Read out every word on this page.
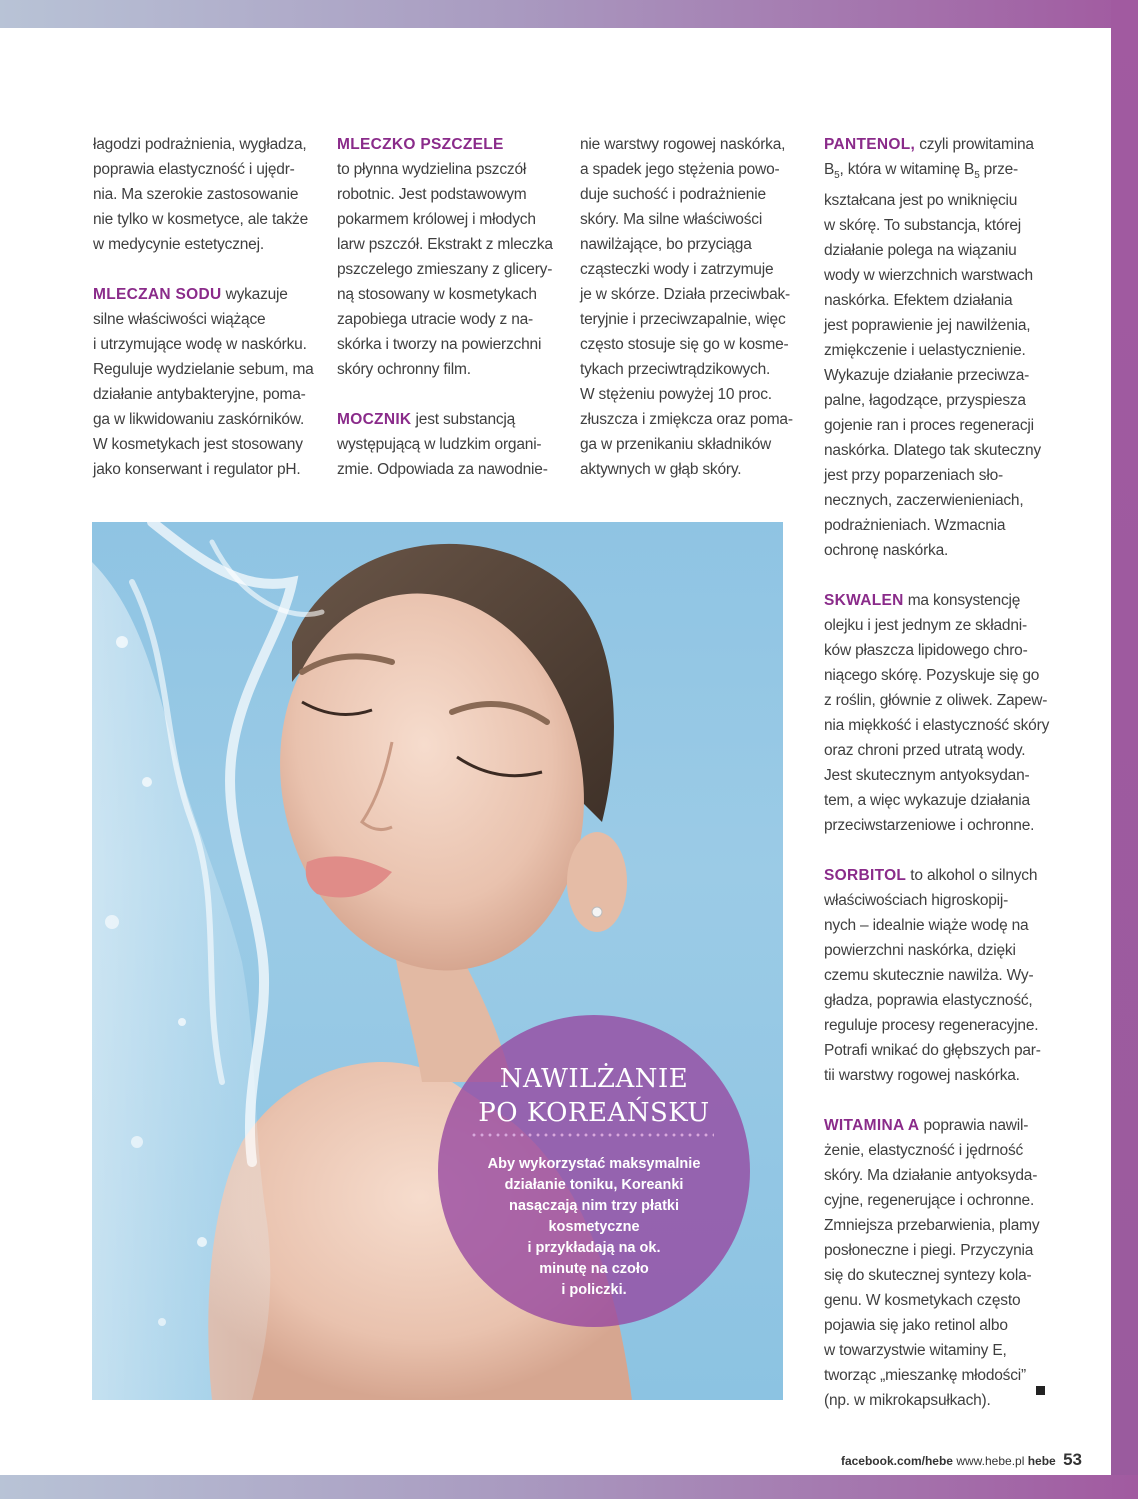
łagodzi podrażnienia, wygładza,
poprawia elastyczność i ujędr-
nia. Ma szerokie zastosowanie
nie tylko w kosmetyce, ale także
w medycynie estetycznej.

MLECZAN SODU wykazuje
silne właściwości wiążące
i utrzymujące wodę w naskórku.
Reguluje wydzielanie sebum, ma
działanie antybakteryjne, poma-
ga w likwidowaniu zaskórników.
W kosmetykach jest stosowany
jako konserwant i regulator pH.

MLECZKO PSZCZELE
to płynna wydzielina pszczół
robotnic. Jest podstawowym
pokarmem królowej i młodych
larw pszczół. Ekstrakt z mleczka
pszczelego zmieszany z glicery-
ną stosowany w kosmetykach
zapobiega utracie wody z na-
skórka i tworzy na powierzchni
skóry ochronny film.

MOCZNIK jest substancją
występującą w ludzkim organi-
zmie. Odpowiada za nawodnie-

nie warstwy rogowej naskórka,
a spadek jego stężenia powo-
duje suchość i podrażnienie
skóry. Ma silne właściwości
nawilżające, bo przyciąga
cząsteczki wody i zatrzymuje
je w skórze. Działa przeciwbak-
teryjnie i przeciwzapalnie, więc
często stosuje się go w kosme-
tykach przeciwtrądzikowych.
W stężeniu powyżej 10 proc.
złuszcza i zmiękcza oraz poma-
ga w przenikaniu składników
aktywnych w głąb skóry.

PANTENOL, czyli prowitamina
$B_5$, która w witaminę $B_5$ prze-
kształcana jest po wniknięciu
w skórę. To substancja, której
działanie polega na wiązaniu
wody w wierzchnich warstwach
naskórka. Efektem działania
jest poprawienie jej nawilżenia,
zmiękczenie i uelastycznienie.
Wykazuje działanie przeciwza-
palne, łagodzące, przyspiesza
gojenie ran i proces regeneracji
naskórka. Dlatego tak skuteczny
jest przy poparzeniach sło-
necznych, zaczerwienieniach,
podrażnieniach. Wzmacnia
ochronę naskórka.

SKWALEN ma konsystencję
olejku i jest jednym ze składni-
ków płaszcza lipidowego chro-
niącego skórę. Pozyskuje się go
z roślin, głównie z oliwek. Zapew-
nia miękkość i elastyczność skóry
oraz chroni przed utratą wody.
Jest skutecznym antyoksydan-
tem, a więc wykazuje działania
przeciwstarzeniowe i ochronne.

SORBITOL to alkohol o silnych
właściwościach higroskopij-
nych – idealnie wiąże wodę na
powierzchni naskórka, dzięki
czemu skutecznie nawilża. Wy-
gładza, poprawia elastyczność,
reguluje procesy regeneracyjne.
Potrafi wnikać do głębszych par-
tii warstwy rogowej naskórka.

WITAMINA A poprawia nawil-
żenie, elastyczność i jędrność
skóry. Ma działanie antyoksyda-
cyjne, regenerujące i ochronne.
Zmniejsza przebarwienia, plamy
posłoneczne i piegi. Przyczynia
się do skutecznej syntezy kola-
genu. W kosmetykach często
pojawia się jako retinol albo
w towarzystwie witaminy E,
tworząc „mieszankę młodości”
(np. w mikrokapsułkach).

NAWILŻANIE
PO KOREAŃSKU
Aby wykorzystać maksymalnie
działanie toniku, Koreanki
nasączają nim trzy płatki
kosmetyczne
i przykładają na ok.
minutę na czoło
i policzki.
facebook.com/hebe www.hebe.pl hebe 53
